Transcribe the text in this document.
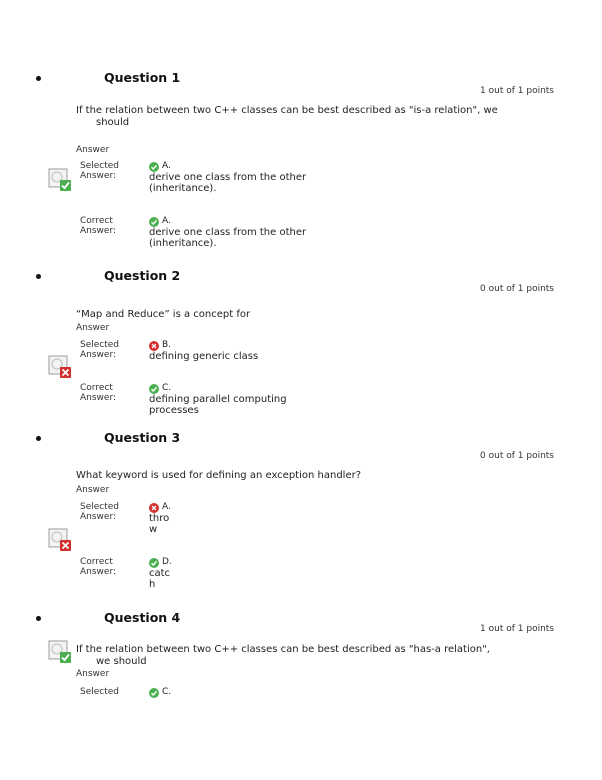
Question 1
1 out of 1 points
If the relation between two C++ classes can be best described as "is-a relation", we
should
Answer
Selected
Answer:
A.
derive one class from the other
(inheritance).
Correct
Answer:
A.
derive one class from the other
(inheritance).
Question 2
0 out of 1 points
“Map and Reduce” is a concept for
Answer
Selected
Answer:
B.
defining generic class
Correct
Answer:
C.
defining parallel computing
processes
Question 3
0 out of 1 points
What keyword is used for defining an exception handler?
Answer
Selected
Answer:
A.
thro
w
Correct
Answer:
D.
catc
h
Question 4
1 out of 1 points
If the relation between two C++ classes can be best described as "has-a relation",
we should
Answer
Selected	C.
